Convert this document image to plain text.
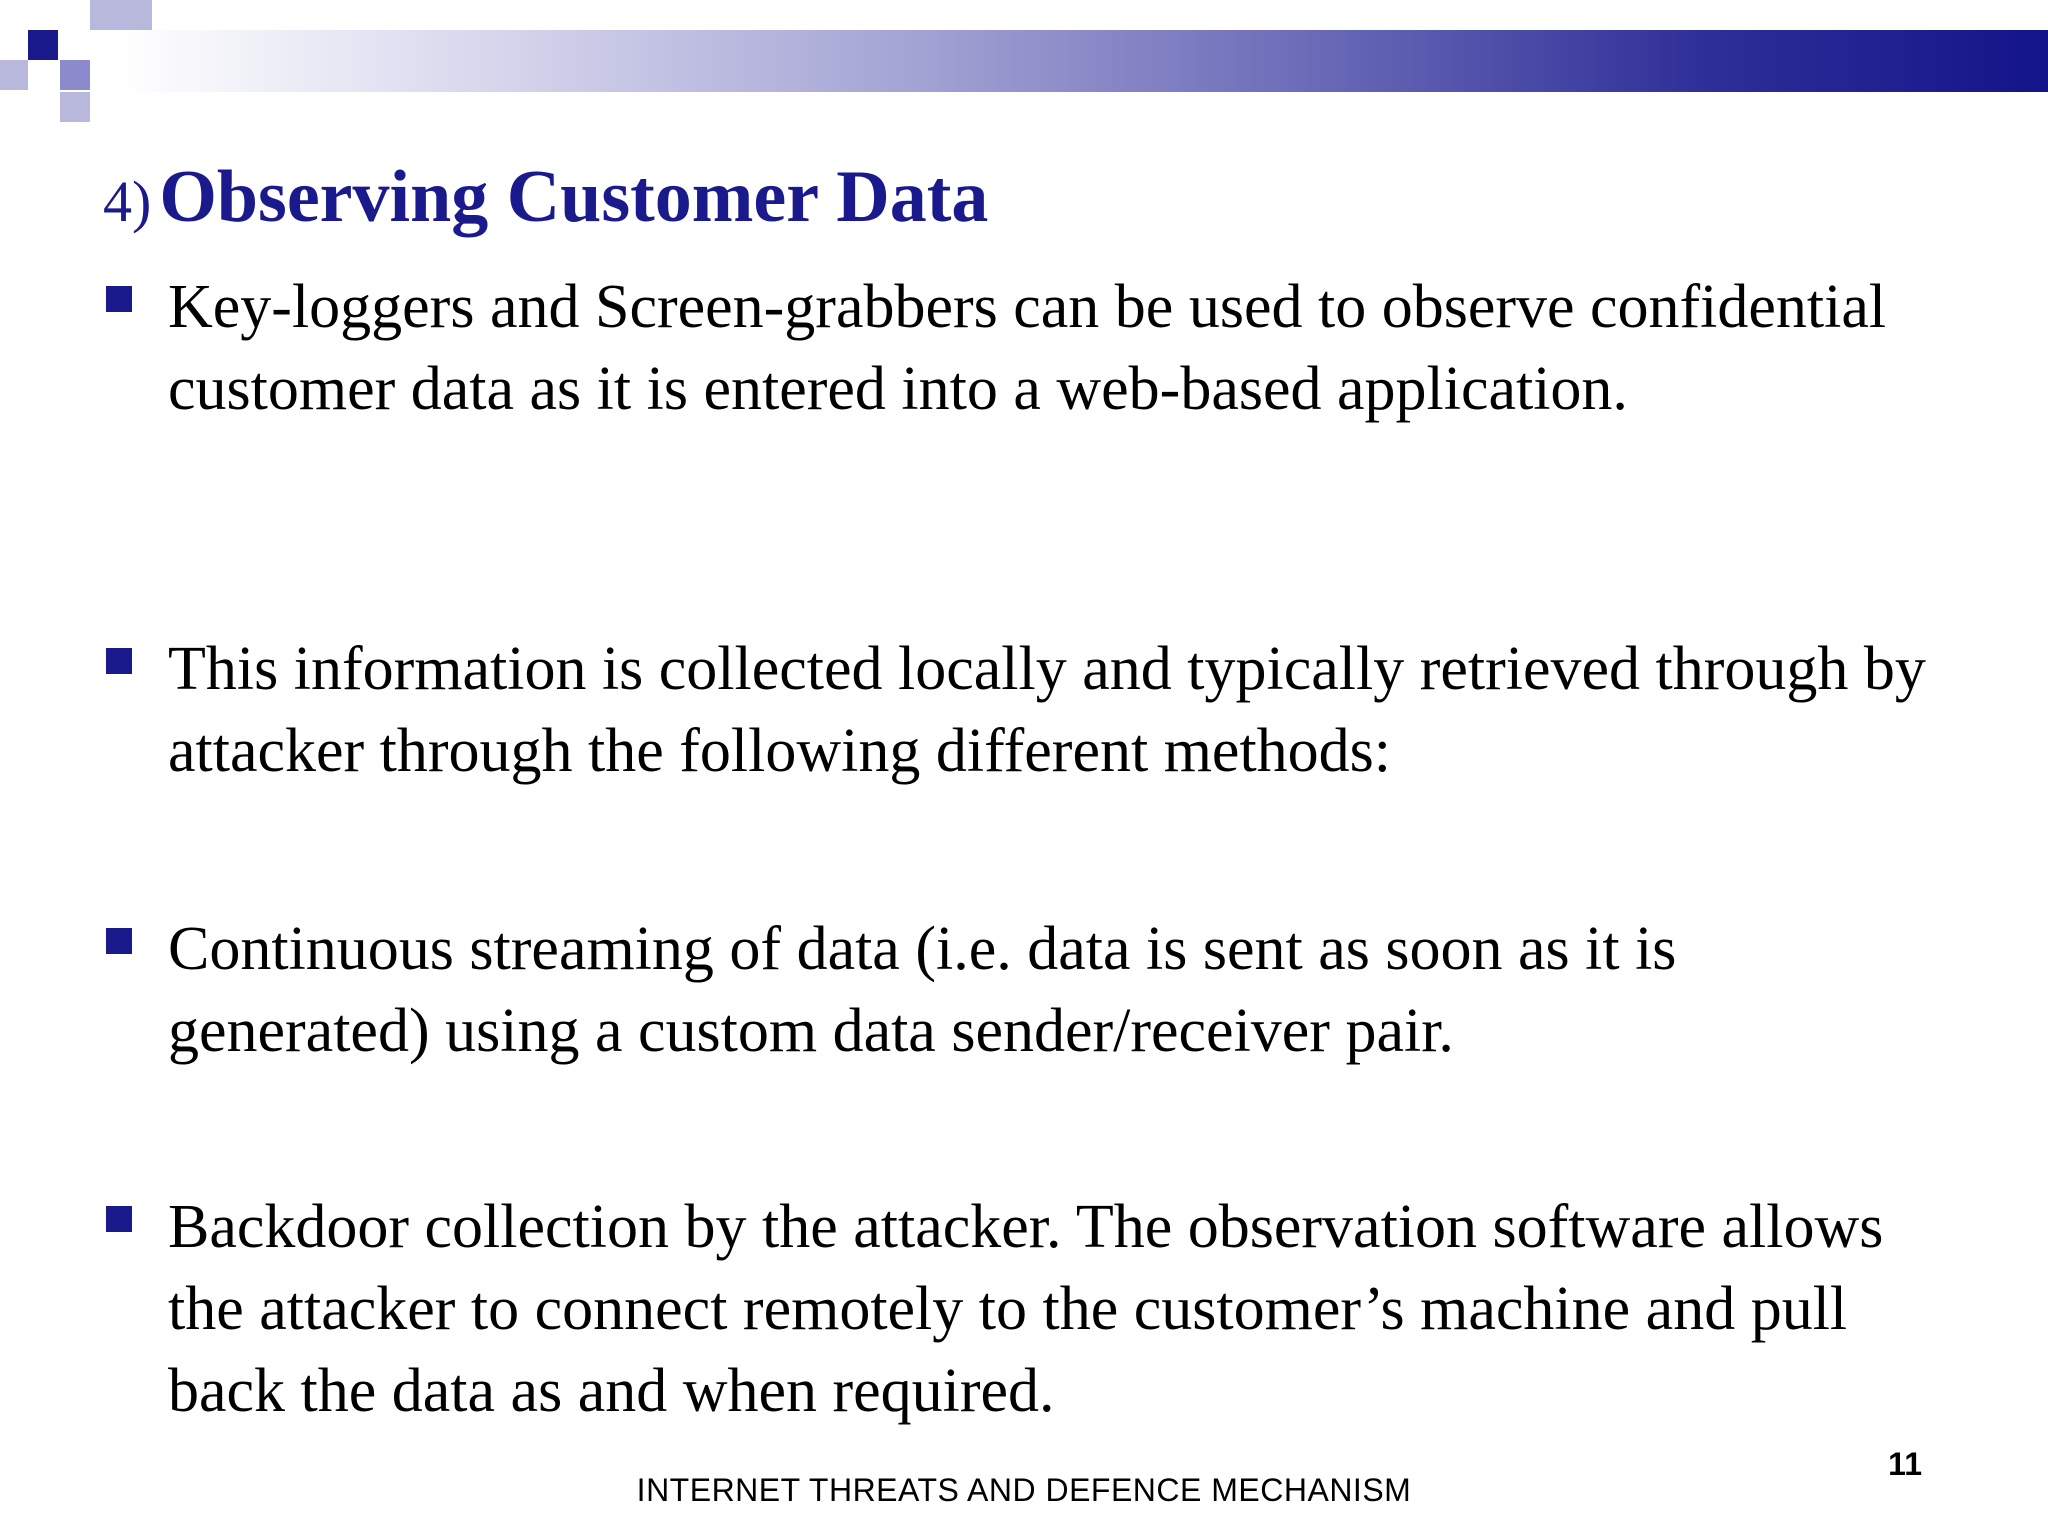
4) Observing Customer Data
Key-loggers and Screen-grabbers can be used to observe confidential customer data as it is entered into a web-based application.
This information is collected locally and typically retrieved through by attacker through the following different methods:
Continuous streaming of data (i.e. data is sent as soon as it is generated) using a custom data sender/receiver pair.
Backdoor collection by the attacker. The observation software allows the attacker to connect remotely to the customer’s machine and pull back the data as and when required.
INTERNET THREATS AND DEFENCE MECHANISM
11
